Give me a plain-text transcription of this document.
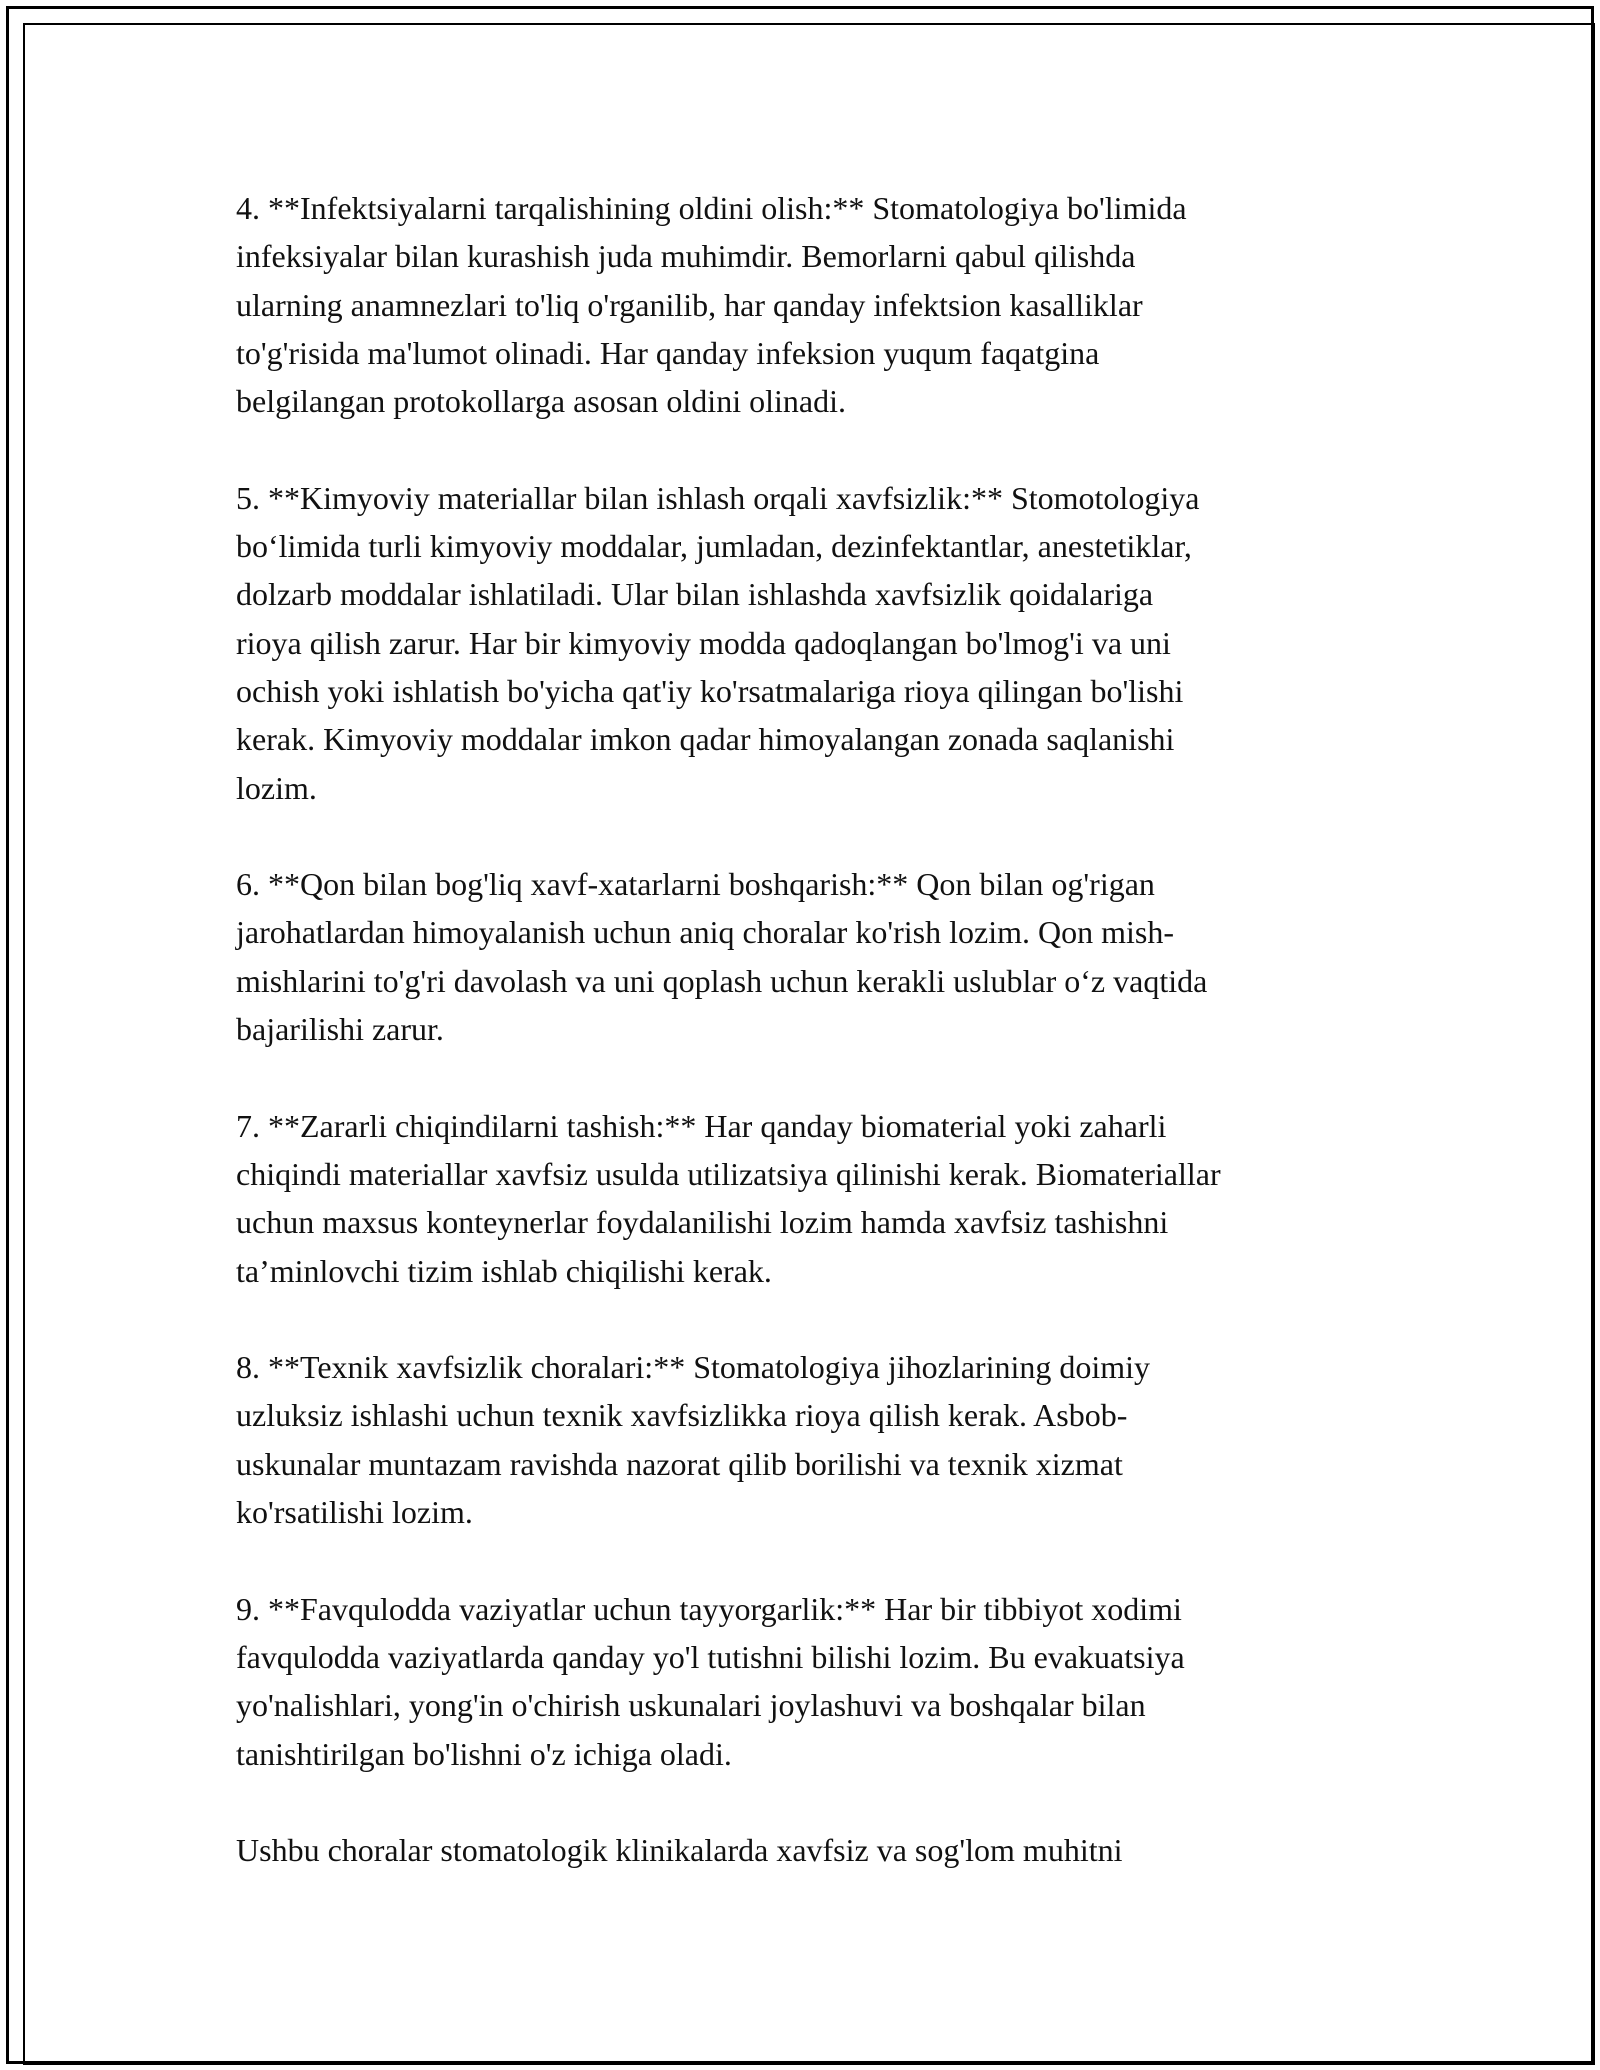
4. **Infektsiyalarni tarqalishining oldini olish:** Stomatologiya bo'limida
infeksiyalar bilan kurashish juda muhimdir. Bemorlarni qabul qilishda
ularning anamnezlari to'liq o'rganilib, har qanday infektsion kasalliklar
to'g'risida ma'lumot olinadi. Har qanday infeksion yuqum faqatgina
belgilangan protokollarga asosan oldini olinadi.

5. **Kimyoviy materiallar bilan ishlash orqali xavfsizlik:** Stomotologiya
bo‘limida turli kimyoviy moddalar, jumladan, dezinfektantlar, anestetiklar,
dolzarb moddalar ishlatiladi. Ular bilan ishlashda xavfsizlik qoidalariga
rioya qilish zarur. Har bir kimyoviy modda qadoqlangan bo'lmog'i va uni
ochish yoki ishlatish bo'yicha qat'iy ko'rsatmalariga rioya qilingan bo'lishi
kerak. Kimyoviy moddalar imkon qadar himoyalangan zonada saqlanishi
lozim.

6. **Qon bilan bog'liq xavf-xatarlarni boshqarish:** Qon bilan og'rigan
jarohatlardan himoyalanish uchun aniq choralar ko'rish lozim. Qon mish-
mishlarini to'g'ri davolash va uni qoplash uchun kerakli uslublar o‘z vaqtida
bajarilishi zarur.

7. **Zararli chiqindilarni tashish:** Har qanday biomaterial yoki zaharli
chiqindi materiallar xavfsiz usulda utilizatsiya qilinishi kerak. Biomateriallar
uchun maxsus konteynerlar foydalanilishi lozim hamda xavfsiz tashishni
ta’minlovchi tizim ishlab chiqilishi kerak.

8. **Texnik xavfsizlik choralari:** Stomatologiya jihozlarining doimiy
uzluksiz ishlashi uchun texnik xavfsizlikka rioya qilish kerak. Asbob-
uskunalar muntazam ravishda nazorat qilib borilishi va texnik xizmat
ko'rsatilishi lozim.

9. **Favqulodda vaziyatlar uchun tayyorgarlik:** Har bir tibbiyot xodimi
favqulodda vaziyatlarda qanday yo'l tutishni bilishi lozim. Bu evakuatsiya
yo'nalishlari, yong'in o'chirish uskunalari joylashuvi va boshqalar bilan
tanishtirilgan bo'lishni o'z ichiga oladi.

Ushbu choralar stomatologik klinikalarda xavfsiz va sog'lom muhitni
